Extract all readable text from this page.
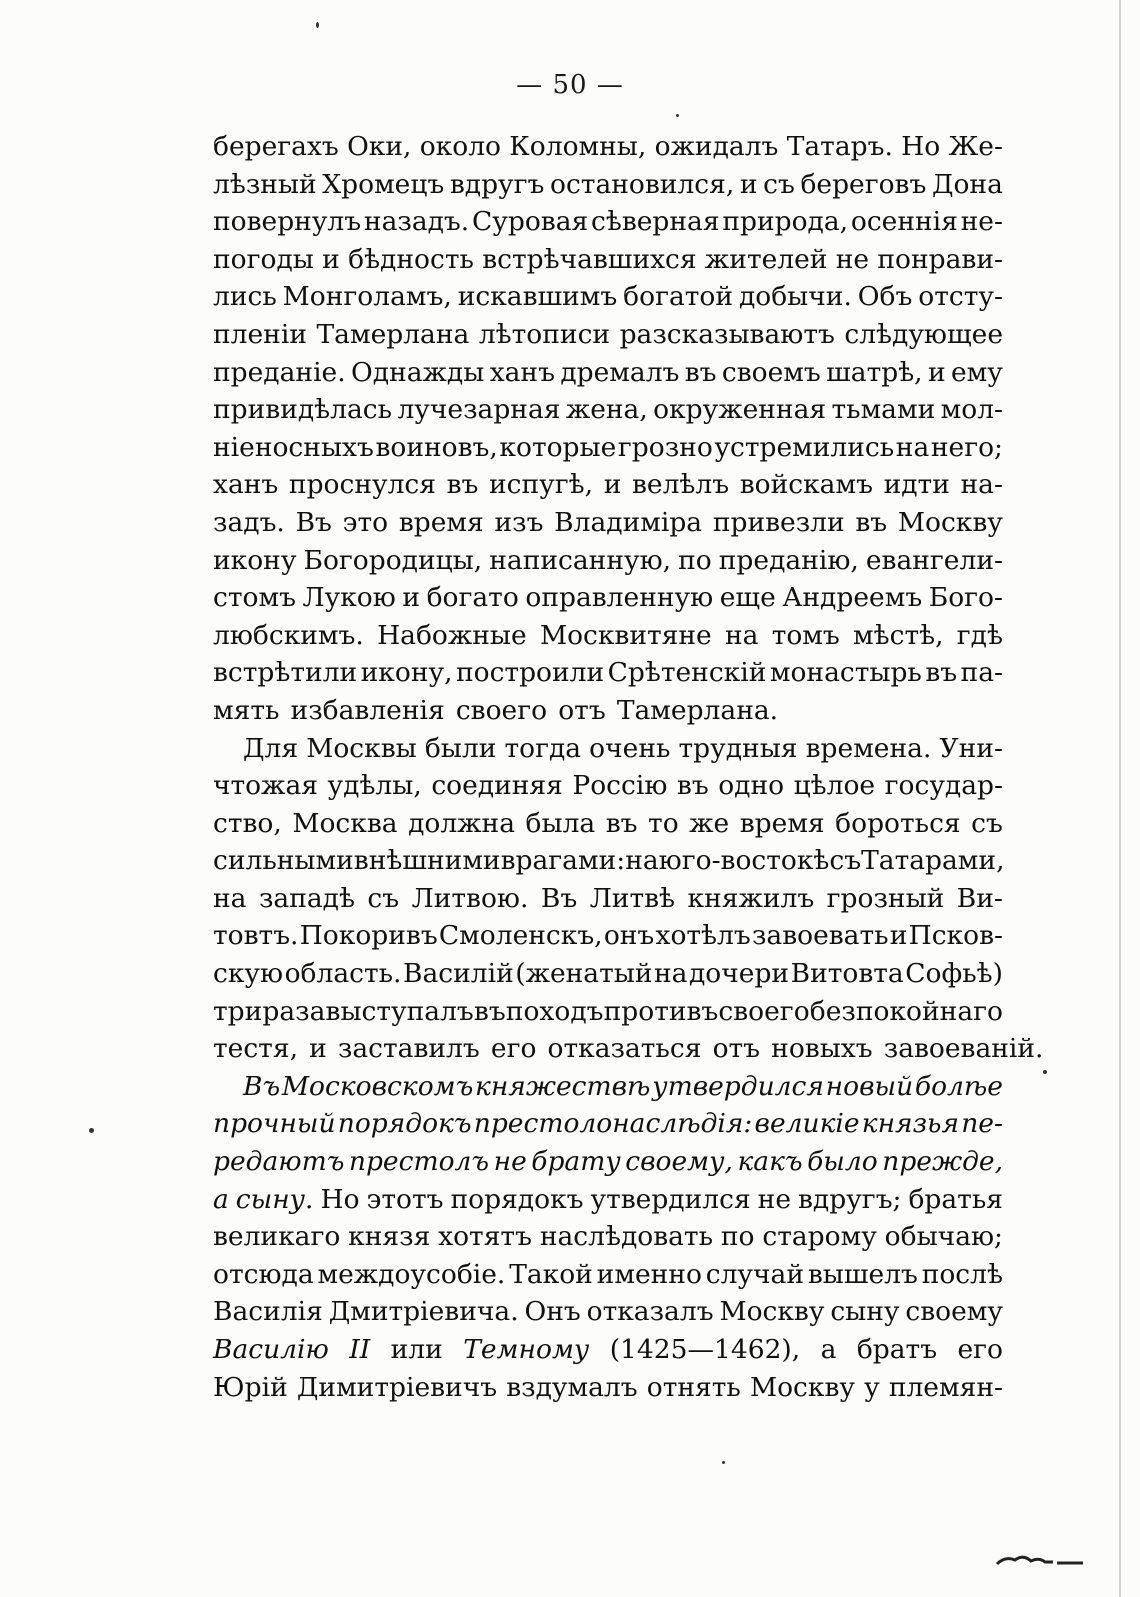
— 50 —
берегахъ Оки, около Коломны, ожидалъ Татаръ. Но Же-
лѣзный Хромецъ вдругъ остановился, и съ береговъ Дона
повернулъ назадъ. Суровая сѣверная природа, осеннія не-
погоды и бѣдность встрѣчавшихся жителей не понрави-
лись Монголамъ, искавшимъ богатой добычи. Объ отсту-
пленіи Тамерлана лѣтописи разсказываютъ слѣдующее
преданіе. Однажды ханъ дремалъ въ своемъ шатрѣ, и ему
привидѣлась лучезарная жена, окруженная тьмами мол-
ніеносныхъ воиновъ, которые грозно устремились на него;
ханъ проснулся въ испугѣ, и велѣлъ войскамъ идти на-
задъ. Въ это время изъ Владиміра привезли въ Москву
икону Богородицы, написанную, по преданію, евангели-
стомъ Лукою и богато оправленную еще Андреемъ Бого-
любскимъ. Набожные Москвитяне на томъ мѣстѣ, гдѣ
встрѣтили икону, построили Срѣтенскій монастырь въ па-
мять избавленія своего отъ Тамерлана.
Для Москвы были тогда очень трудныя времена. Уни-
чтожая удѣлы, соединяя Россію въ одно цѣлое государ-
ство, Москва должна была въ то же время бороться съ
сильными внѣшними врагами: на юго-востокѣ съ Татарами,
на западѣ съ Литвою. Въ Литвѣ княжилъ грозный Ви-
товтъ. Покоривъ Смоленскъ, онъ хотѣлъ завоевать и Псков-
скую область. Василій (женатый на дочери Витовта Софьѣ)
три раза выступалъ въ походъ противъ своего безпокойнаго
тестя, и заставилъ его отказаться отъ новыхъ завоеваній.
Въ Московскомъ княжествѣ утвердился новый болѣе
прочный порядокъ престолонаслѣдія: великіе князья пе-
редаютъ престолъ не брату своему, какъ было прежде,
а сыну. Но этотъ порядокъ утвердился не вдругъ; братья
великаго князя хотятъ наслѣдовать по старому обычаю;
отсюда междоусобіе. Такой именно случай вышелъ послѣ
Василія Дмитріевича. Онъ отказалъ Москву сыну своему
Василію II или Темному (1425—1462), а братъ его
Юрій Димитріевичъ вздумалъ отнять Москву у племян-
